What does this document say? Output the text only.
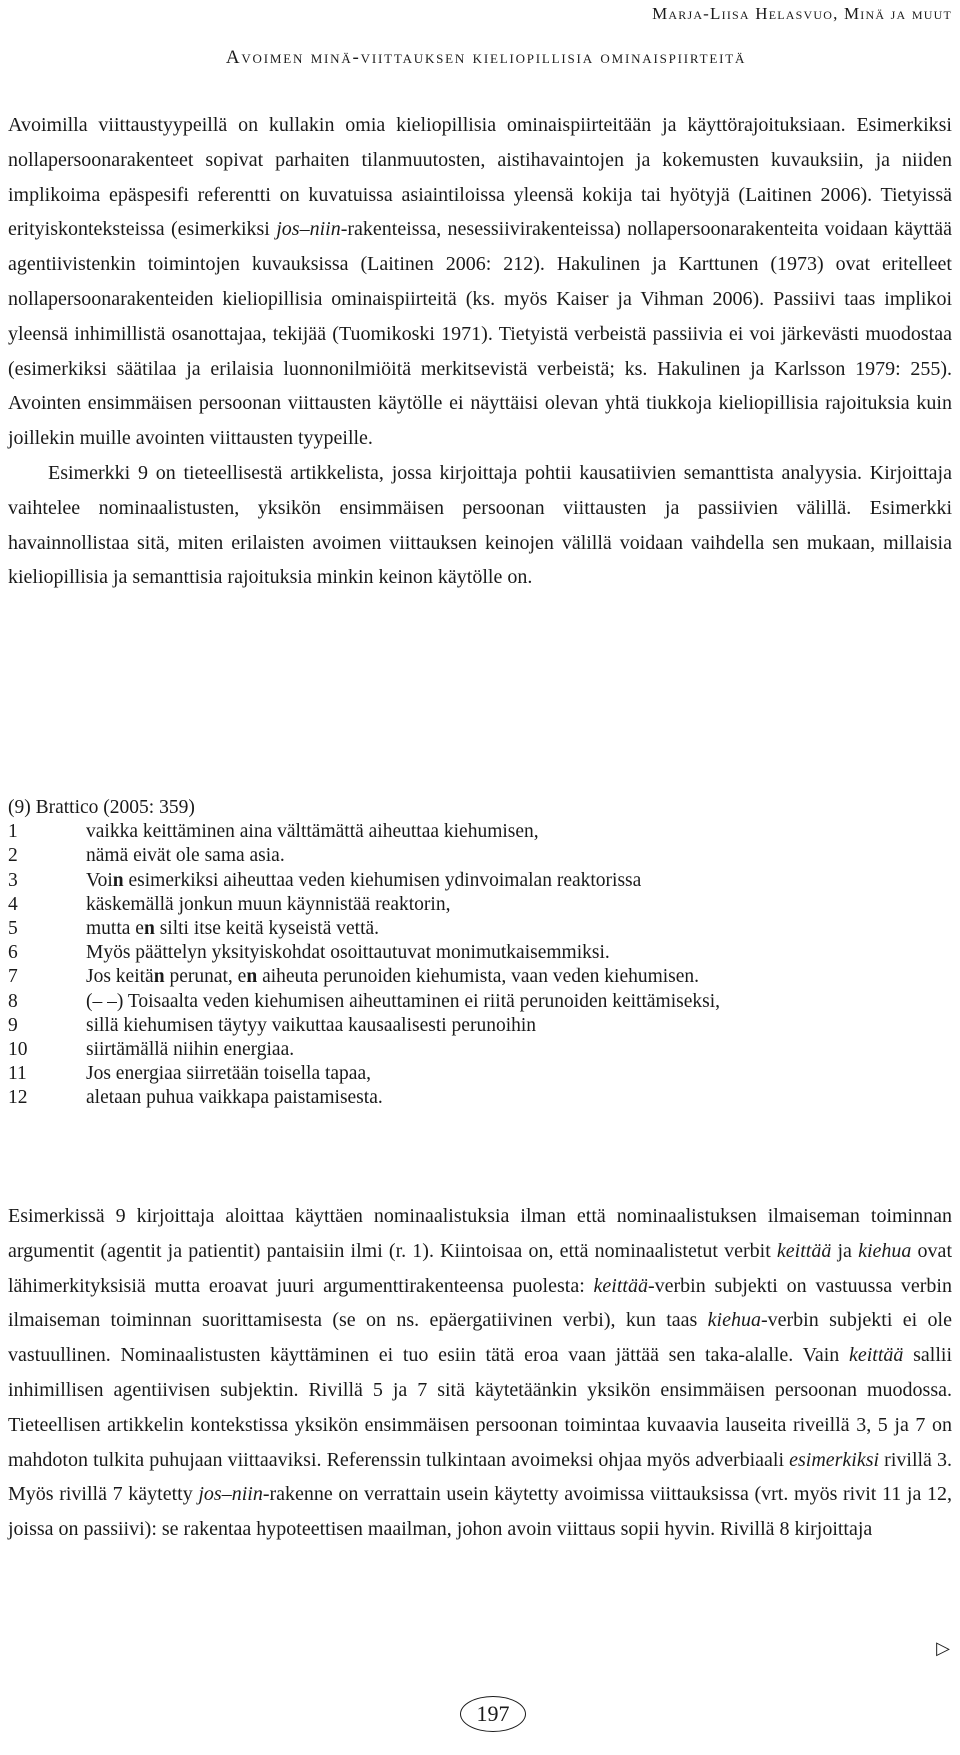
Marja-Liisa Helasvuo, Minä ja muut
Avoimen minä-viittauksen kieliopillisia ominaispiirteitä

Avoimilla viittaustyypeillä on kullakin omia kieliopillisia ominaispiirteitään ja käyttörajoituksiaan. Esimerkiksi nollapersoonarakenteet sopivat parhaiten tilanmuutosten, aistihavaintojen ja kokemusten kuvauksiin, ja niiden implikoima epäspesifi referentti on kuvatuissa asiaintiloissa yleensä kokija tai hyötyjä (Laitinen 2006). Tietyissä erityiskonteksteissa (esimerkiksi jos–niin-rakenteissa, nesessiivirakenteissa) nollapersoonarakenteita voidaan käyttää agentiivistenkin toimintojen kuvauksissa (Laitinen 2006: 212). Hakulinen ja Karttunen (1973) ovat eritelleet nollapersoonarakenteiden kieliopillisia ominaispiirteitä (ks. myös Kaiser ja Vihman 2006). Passiivi taas implikoi yleensä inhimillistä osanottajaa, tekijää (Tuomikoski 1971). Tietyistä verbeistä passiivia ei voi järkevästi muodostaa (esimerkiksi säätilaa ja erilaisia luonnonilmiöitä merkitsevistä verbeistä; ks. Hakulinen ja Karlsson 1979: 255). Avointen ensimmäisen persoonan viittausten käytölle ei näyttäisi olevan yhtä tiukkoja kieliopillisia rajoituksia kuin joillekin muille avointen viittausten tyypeille.

Esimerkki 9 on tieteellisestä artikkelista, jossa kirjoittaja pohtii kausatiivien semanttista analyysia. Kirjoittaja vaihtelee nominaalistusten, yksikön ensimmäisen persoonan viittausten ja passiivien välillä. Esimerkki havainnollistaa sitä, miten erilaisten avoimen viittauksen keinojen välillä voidaan vaihdella sen mukaan, millaisia kieliopillisia ja semanttisia rajoituksia minkin keinon käytölle on.

(9) Brattico (2005: 359)
1	vaikka keittäminen aina välttämättä aiheuttaa kiehumisen,
2	nämä eivät ole sama asia.
3	Voin esimerkiksi aiheuttaa veden kiehumisen ydinvoimalan reaktorissa
4	käskemällä jonkun muun käynnistää reaktorin,
5	mutta en silti itse keitä kyseistä vettä.
6	Myös päättelyn yksityiskohdat osoittautuvat monimutkaisemmiksi.
7	Jos keitän perunat, en aiheuta perunoiden kiehumista, vaan veden kiehumisen.
8	(– –) Toisaalta veden kiehumisen aiheuttaminen ei riitä perunoiden keittämiseksi,
9	sillä kiehumisen täytyy vaikuttaa kausaalisesti perunoihin
10	siirtämällä niihin energiaa.
11	Jos energiaa siirretään toisella tapaa,
12	aletaan puhua vaikkapa paistamisesta.

Esimerkissä 9 kirjoittaja aloittaa käyttäen nominaalistuksia ilman että nominaalistuksen ilmaiseman toiminnan argumentit (agentit ja patientit) pantaisiin ilmi (r. 1). Kiintoisaa on, että nominaalistetut verbit keittää ja kiehua ovat lähimerkityksisiä mutta eroavat juuri argumenttirakenteensa puolesta: keittää-verbin subjekti on vastuussa verbin ilmaiseman toiminnan suorittamisesta (se on ns. epäergatiivinen verbi), kun taas kiehua-verbin subjekti ei ole vastuullinen. Nominaalistusten käyttäminen ei tuo esiin tätä eroa vaan jättää sen taka-alalle. Vain keittää sallii inhimillisen agentiivisen subjektin. Rivillä 5 ja 7 sitä käytetäänkin yksikön ensimmäisen persoonan muodossa. Tieteellisen artikkelin kontekstissa yksikön ensimmäisen persoonan toimintaa kuvaavia lauseita riveillä 3, 5 ja 7 on mahdoton tulkita puhujaan viittaaviksi. Referenssin tulkintaan avoimeksi ohjaa myös adverbiaali esimerkiksi rivillä 3. Myös rivillä 7 käytetty jos–niin-rakenne on verrattain usein käytetty avoimissa viittauksissa (vrt. myös rivit 11 ja 12, joissa on passiivi): se rakentaa hypoteettisen maailman, johon avoin viittaus sopii hyvin. Rivillä 8 kirjoittaja

▷
197
